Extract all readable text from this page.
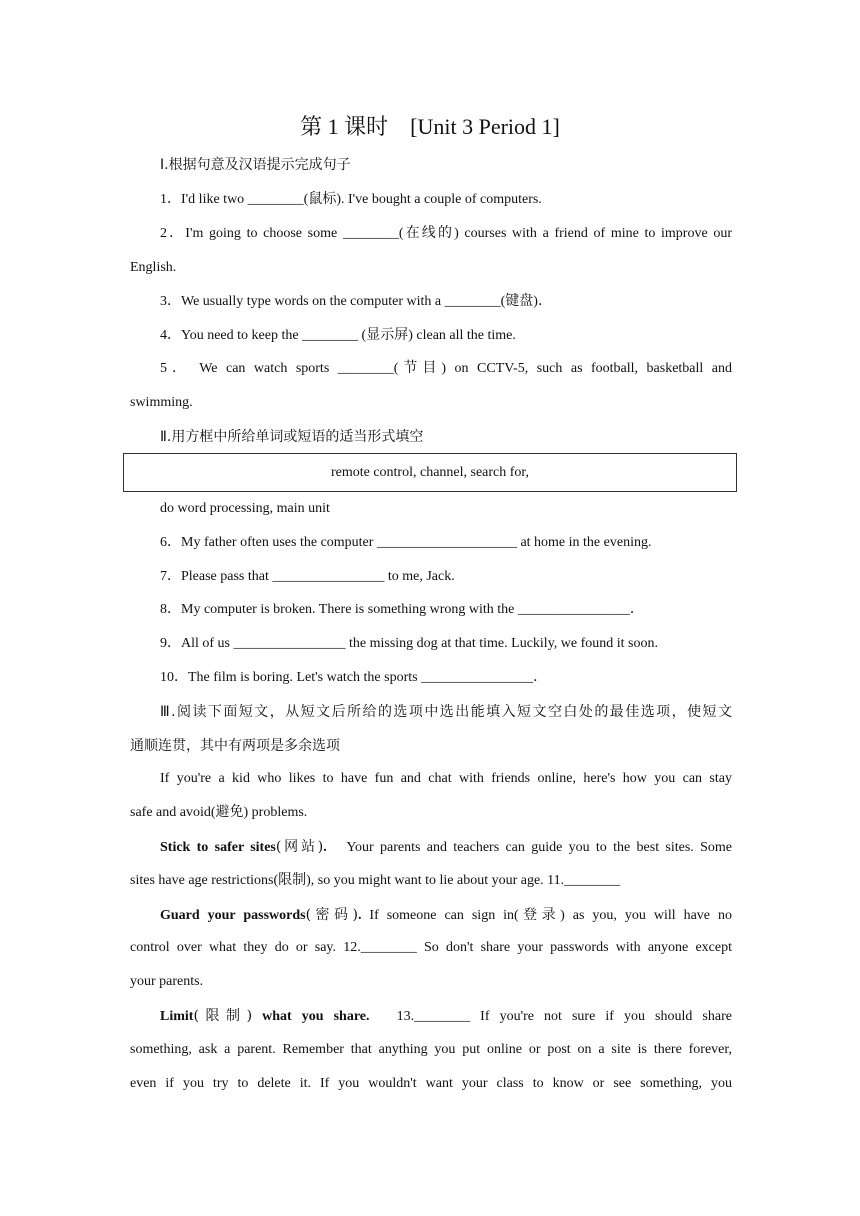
第 1 课时　[Unit 3 Period 1]
Ⅰ.根据句意及汉语提示完成句子
1．I'd like two ________(鼠标). I've bought a couple of computers.
2．I'm going to choose some ________(在线的) courses with a friend of mine to improve our
English.
3．We usually type words on the computer with a ________(键盘)．
4．You need to keep the ________ (显示屏) clean all the time.
5． We can watch sports ________(节目) on CCTV-5, such as football, basketball and
swimming.
Ⅱ.用方框中所给单词或短语的适当形式填空
remote control, channel, search for,
do word processing, main unit
6．My father often uses the computer ____________________ at home in the evening.
7．Please pass that ________________ to me, Jack.
8．My computer is broken. There is something wrong with the ________________．
9．All of us ________________ the missing dog at that time. Luckily, we found it soon.
10．The film is boring. Let's watch the sports ________________．
Ⅲ.阅读下面短文，从短文后所给的选项中选出能填入短文空白处的最佳选项，使短文
通顺连贯，其中有两项是多余选项
If you're a kid who likes to have fun and chat with friends online, here's how you can stay
safe and avoid(避免) problems.
Stick to safer sites(网站).　Your parents and teachers can guide you to the best sites. Some
sites have age restrictions(限制), so you might want to lie about your age. 11.________
Guard your passwords(密码). If someone can sign in(登录) as you, you will have no
control over what they do or say. 12.________ So don't share your passwords with anyone except
your parents.
Limit(限制) what you share.　13.________ If you're not sure if you should share
something, ask a parent. Remember that anything you put online or post on a site is there forever,
even if you try to delete it. If you wouldn't want your class to know or see something, you
